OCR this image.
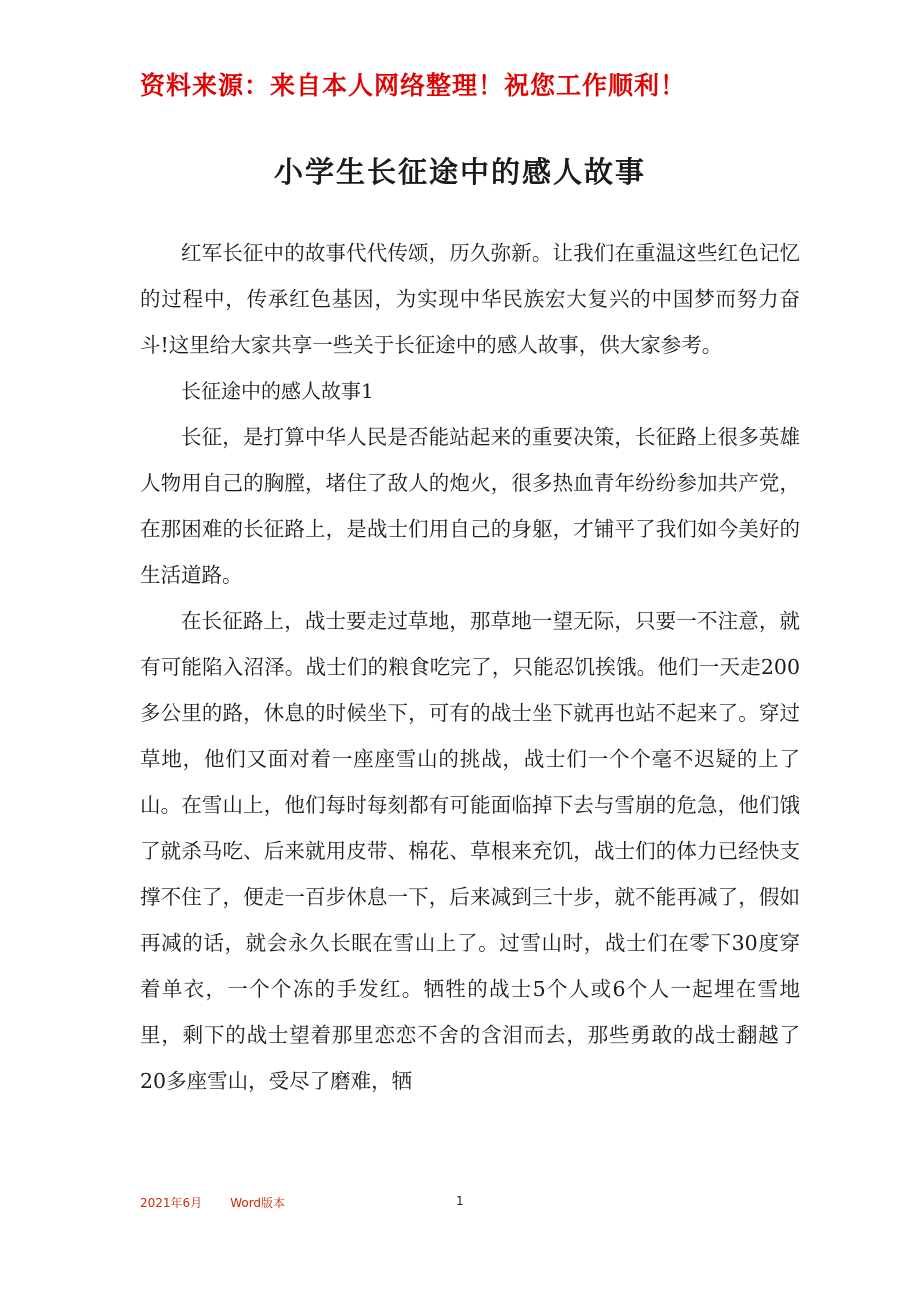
资料来源：来自本人网络整理！祝您工作顺利！
小学生长征途中的感人故事

红军长征中的故事代代传颂，历久弥新。让我们在重温这些红色记忆的过程中，传承红色基因，为实现中华民族宏大复兴的中国梦而努力奋斗!这里给大家共享一些关于长征途中的感人故事，供大家参考。

长征途中的感人故事1

长征，是打算中华人民是否能站起来的重要决策，长征路上很多英雄人物用自己的胸膛，堵住了敌人的炮火，很多热血青年纷纷参加共产党，在那困难的长征路上，是战士们用自己的身躯，才铺平了我们如今美好的生活道路。

在长征路上，战士要走过草地，那草地一望无际，只要一不注意，就有可能陷入沼泽。战士们的粮食吃完了，只能忍饥挨饿。他们一天走200多公里的路，休息的时候坐下，可有的战士坐下就再也站不起来了。穿过草地，他们又面对着一座座雪山的挑战，战士们一个个毫不迟疑的上了山。在雪山上，他们每时每刻都有可能面临掉下去与雪崩的危急，他们饿了就杀马吃、后来就用皮带、棉花、草根来充饥，战士们的体力已经快支撑不住了，便走一百步休息一下，后来减到三十步，就不能再减了，假如再减的话，就会永久长眠在雪山上了。过雪山时，战士们在零下30度穿着单衣，一个个冻的手发红。牺牲的战士5个人或6个人一起埋在雪地里，剩下的战士望着那里恋恋不舍的含泪而去，那些勇敢的战士翻越了20多座雪山，受尽了磨难，牺

2021年6月 Word版本	1
